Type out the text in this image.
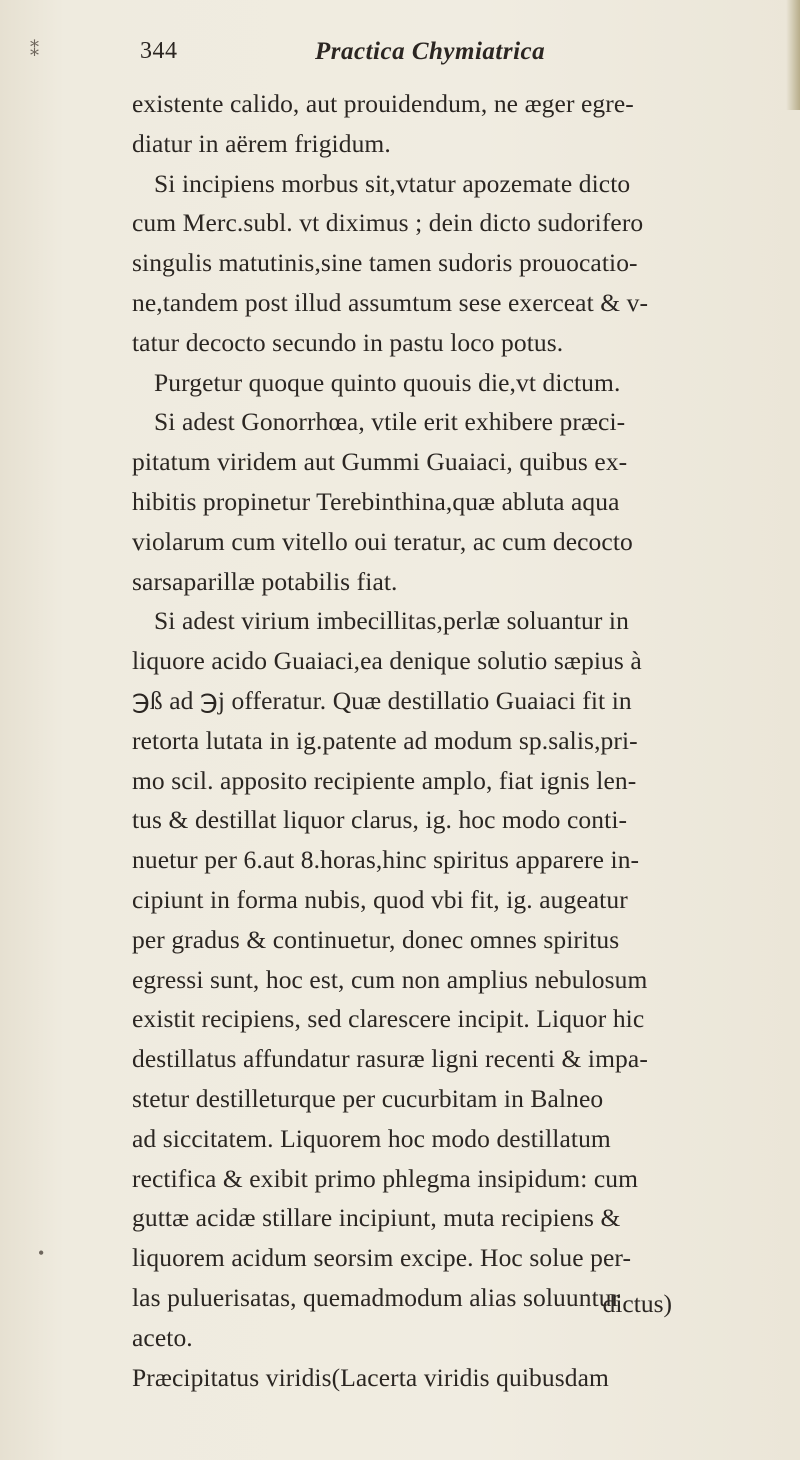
344	Practica Chymiatrica
⁑
•
existente calido, aut prouidendum, ne æger egre-
diatur in aërem frigidum.
Si incipiens morbus sit,vtatur apozemate dicto
cum Merc.subl. vt diximus ; dein dicto sudorifero
singulis matutinis,sine tamen sudoris prouocatio-
ne,tandem post illud assumtum sese exerceat & v-
tatur decocto secundo in pastu loco potus.
Purgetur quoque quinto quouis die,vt dictum.
Si adest Gonorrhœa, vtile erit exhibere præci-
pitatum viridem aut Gummi Guaiaci, quibus ex-
hibitis propinetur Terebinthina,quæ abluta aqua
violarum cum vitello oui teratur, ac cum decocto
sarsaparillæ potabilis fiat.
Si adest virium imbecillitas,perlæ soluantur in
liquore acido Guaiaci,ea denique solutio sæpius à
℈ß ad ℈j offeratur. Quæ destillatio Guaiaci fit in
retorta lutata in ig.patente ad modum sp.salis,pri-
mo scil. apposito recipiente amplo, fiat ignis len-
tus & destillat liquor clarus, ig. hoc modo conti-
nuetur per 6.aut 8.horas,hinc spiritus apparere in-
cipiunt in forma nubis, quod vbi fit, ig. augeatur
per gradus & continuetur, donec omnes spiritus
egressi sunt, hoc est, cum non amplius nebulosum
existit recipiens, sed clarescere incipit. Liquor hic
destillatus affundatur rasuræ ligni recenti & impa-
stetur destilleturque per cucurbitam in Balneo
ad siccitatem. Liquorem hoc modo destillatum
rectifica & exibit primo phlegma insipidum: cum
guttæ acidæ stillare incipiunt, muta recipiens &
liquorem acidum seorsim excipe. Hoc solue per-
las puluerisatas, quemadmodum alias soluuntur
aceto.
Præcipitatus viridis(Lacerta viridis quibusdam
dictus)
